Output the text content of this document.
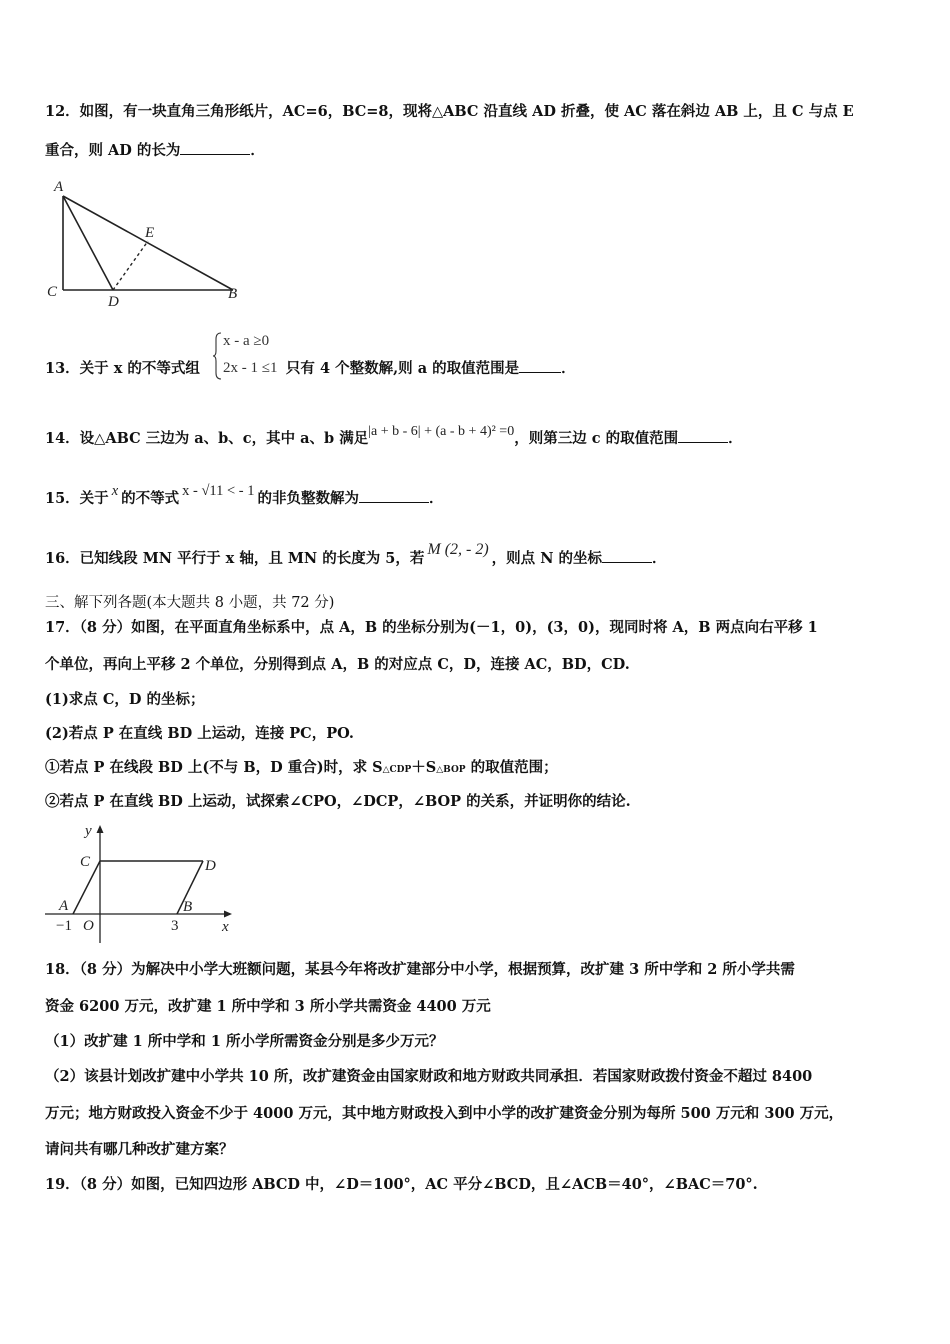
12．如图，有一块直角三角形纸片，AC=6，BC=8，现将△ABC 沿直线 AD 折叠，使 AC 落在斜边 AB 上，且 C 与点 E
重合，则 AD 的长为	．
A
C
D	B
E
13．关于 x 的不等式组	只有 4 个整数解,则 a 的取值范围是	．
x - a ≥0
2x - 1 ≤1
14．设△ABC 三边为 a、b、c，其中 a、b 满足|a + b - 6| + (a - b + 4)² =0，则第三边 c 的取值范围	．
15．关于 x 的不等式 x - √11 < - 1 的非负整数解为	．
16．已知线段 MN 平行于 x 轴，且 MN 的长度为 5，若M (2, - 2)，则点 N 的坐标	．
三、解下列各题(本大题共 8 小题，共 72 分)
17．（8 分）如图，在平面直角坐标系中，点 A，B 的坐标分别为(－1，0)，(3，0)，现同时将 A，B 两点向右平移 1
个单位，再向上平移 2 个单位，分别得到点 A，B 的对应点 C，D，连接 AC，BD，CD.
(1)求点 C，D 的坐标；
(2)若点 P 在直线 BD 上运动，连接 PC，PO.
①若点 P 在线段 BD 上(不与 B，D 重合)时，求 S△CDP＋S△BOP 的取值范围；
②若点 P 在直线 BD 上运动，试探索∠CPO，∠DCP，∠BOP 的关系，并证明你的结论.
y
C	D
A	B
O
−1	3	x
18．（8 分）为解决中小学大班额问题，某县今年将改扩建部分中小学，根据预算，改扩建 3 所中学和 2 所小学共需
资金 6200 万元，改扩建 1 所中学和 3 所小学共需资金 4400 万元
（1）改扩建 1 所中学和 1 所小学所需资金分别是多少万元？
（2）该县计划改扩建中小学共 10 所，改扩建资金由国家财政和地方财政共同承担．若国家财政拨付资金不超过 8400
万元；地方财政投入资金不少于 4000 万元，其中地方财政投入到中小学的改扩建资金分别为每所 500 万元和 300 万元，
请问共有哪几种改扩建方案？
19．（8 分）如图，已知四边形 ABCD 中，∠D＝100°，AC 平分∠BCD，且∠ACB＝40°，∠BAC＝70°.
